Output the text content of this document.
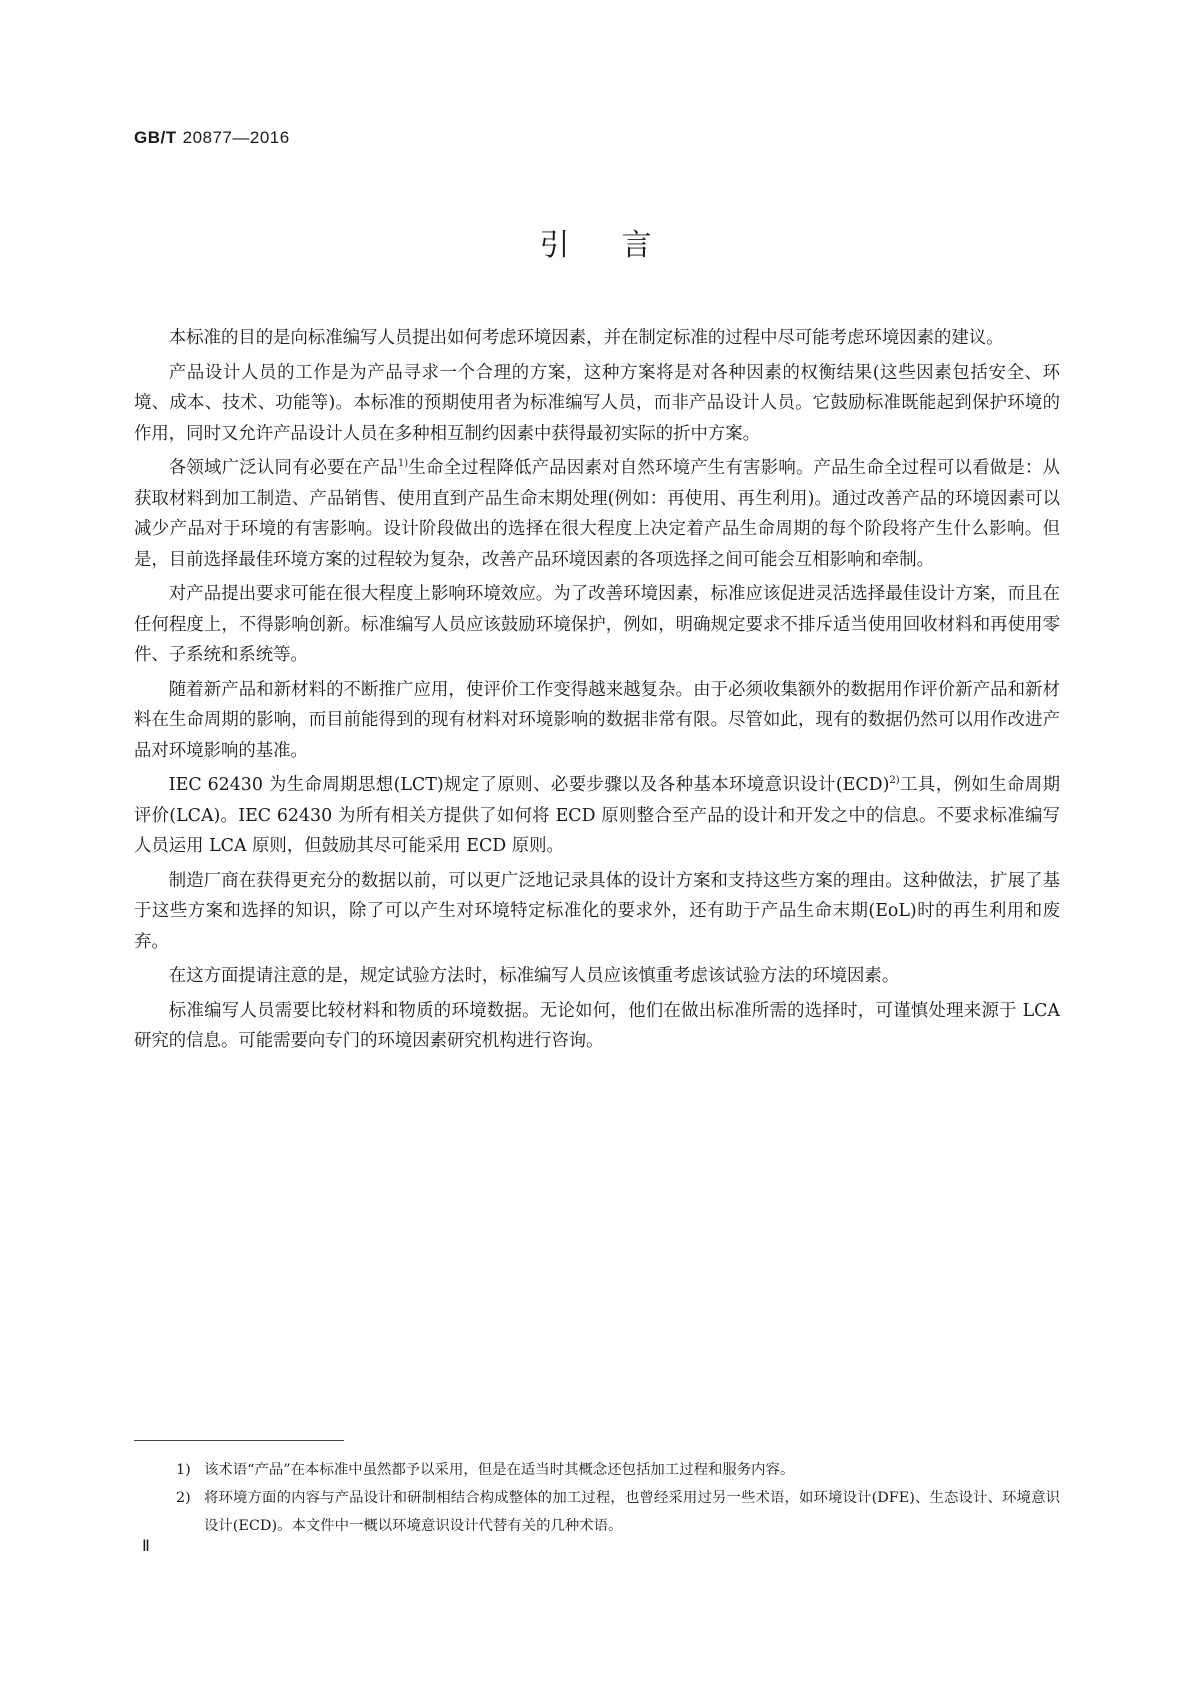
GB/T 20877—2016
引言

本标准的目的是向标准编写人员提出如何考虑环境因素，并在制定标准的过程中尽可能考虑环境因素的建议。

产品设计人员的工作是为产品寻求一个合理的方案，这种方案将是对各种因素的权衡结果(这些因素包括安全、环境、成本、技术、功能等)。本标准的预期使用者为标准编写人员，而非产品设计人员。它鼓励标准既能起到保护环境的作用，同时又允许产品设计人员在多种相互制约因素中获得最初实际的折中方案。

各领域广泛认同有必要在产品$^{1)}$生命全过程降低产品因素对自然环境产生有害影响。产品生命全过程可以看做是：从获取材料到加工制造、产品销售、使用直到产品生命末期处理(例如：再使用、再生利用)。通过改善产品的环境因素可以减少产品对于环境的有害影响。设计阶段做出的选择在很大程度上决定着产品生命周期的每个阶段将产生什么影响。但是，目前选择最佳环境方案的过程较为复杂，改善产品环境因素的各项选择之间可能会互相影响和牵制。

对产品提出要求可能在很大程度上影响环境效应。为了改善环境因素，标准应该促进灵活选择最佳设计方案，而且在任何程度上，不得影响创新。标准编写人员应该鼓励环境保护，例如，明确规定要求不排斥适当使用回收材料和再使用零件、子系统和系统等。

随着新产品和新材料的不断推广应用，使评价工作变得越来越复杂。由于必须收集额外的数据用作评价新产品和新材料在生命周期的影响，而目前能得到的现有材料对环境影响的数据非常有限。尽管如此，现有的数据仍然可以用作改进产品对环境影响的基准。

IEC 62430 为生命周期思想(LCT)规定了原则、必要步骤以及各种基本环境意识设计(ECD)$^{2)}$工具，例如生命周期评价(LCA)。IEC 62430 为所有相关方提供了如何将 ECD 原则整合至产品的设计和开发之中的信息。不要求标准编写人员运用 LCA 原则，但鼓励其尽可能采用 ECD 原则。

制造厂商在获得更充分的数据以前，可以更广泛地记录具体的设计方案和支持这些方案的理由。这种做法，扩展了基于这些方案和选择的知识，除了可以产生对环境特定标准化的要求外，还有助于产品生命末期(EoL)时的再生利用和废弃。

在这方面提请注意的是，规定试验方法时，标准编写人员应该慎重考虑该试验方法的环境因素。

标准编写人员需要比较材料和物质的环境数据。无论如何，他们在做出标准所需的选择时，可谨慎处理来源于 LCA 研究的信息。可能需要向专门的环境因素研究机构进行咨询。

1) 该术语“产品”在本标准中虽然都予以采用，但是在适当时其概念还包括加工过程和服务内容。
2) 将环境方面的内容与产品设计和研制相结合构成整体的加工过程，也曾经采用过另一些术语，如环境设计(DFE)、生态设计、环境意识设计(ECD)。本文件中一概以环境意识设计代替有关的几种术语。
Ⅱ
